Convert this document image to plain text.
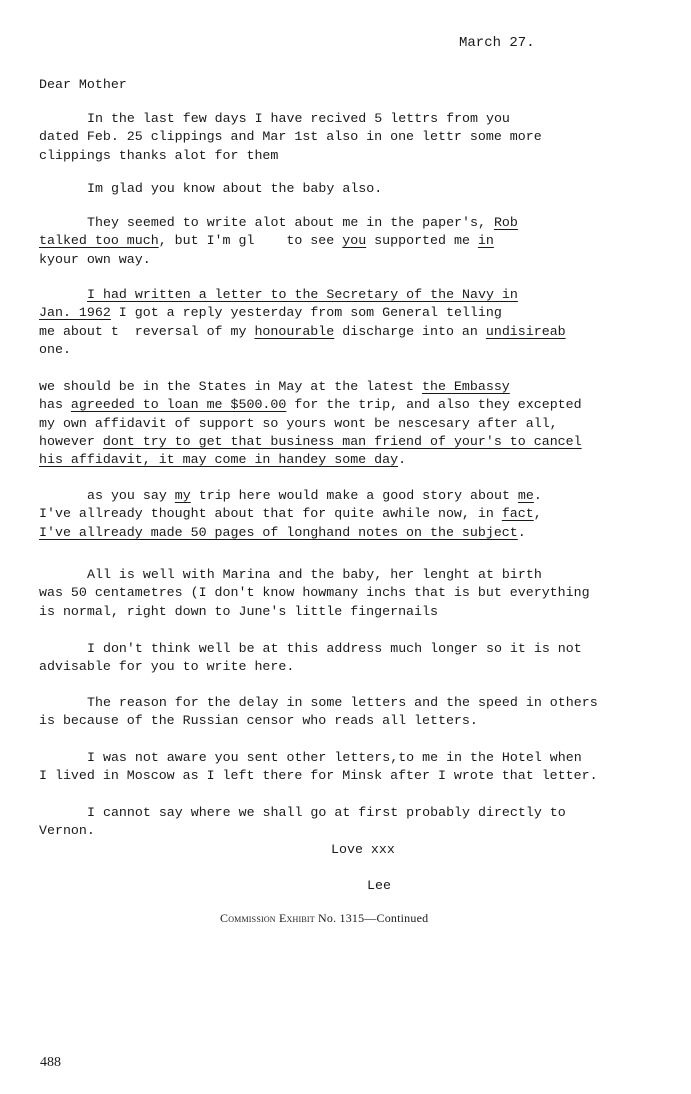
March 27.
Dear Mother
In the last few days I have recived 5 lettrs from you
dated Feb. 25 clippings and Mar 1st also in one lettr some more
clippings thanks alot for them
Im glad you know about the baby also.
They seemed to write alot about me in the paper's, Rob
talked too much, but I'm gl    to see you supported me in
kyour own way.
I had written a letter to the Secretary of the Navy in
Jan. 1962 I got a reply yesterday from som General telling
me about t  reversal of my honourable discharge into an undisireab
one.
we should be in the States in May at the latest the Embassy
has agreeded to loan me $500.00 for the trip, and also they excepted
my own affidavit of support so yours wont be nescesary after all,
however dont try to get that business man friend of your's to cancel
his affidavit, it may come in handey some day.
as you say my trip here would make a good story about me.
I've allready thought about that for quite awhile now, in fact,
I've allready made 50 pages of longhand notes on the subject.
All is well with Marina and the baby, her lenght at birth
was 50 centametres (I don't know howmany inchs that is but everything
is normal, right down to June's little fingernails
I don't think well be at this address much longer so it is not
advisable for you to write here.
The reason for the delay in some letters and the speed in others
is because of the Russian censor who reads all letters.
I was not aware you sent other letters,to me in the Hotel when
I lived in Moscow as I left there for Minsk after I wrote that letter.
I cannot say where we shall go at first probably directly to
Vernon.
Love xxx
Lee
Commission Exhibit No. 1315—Continued
488
